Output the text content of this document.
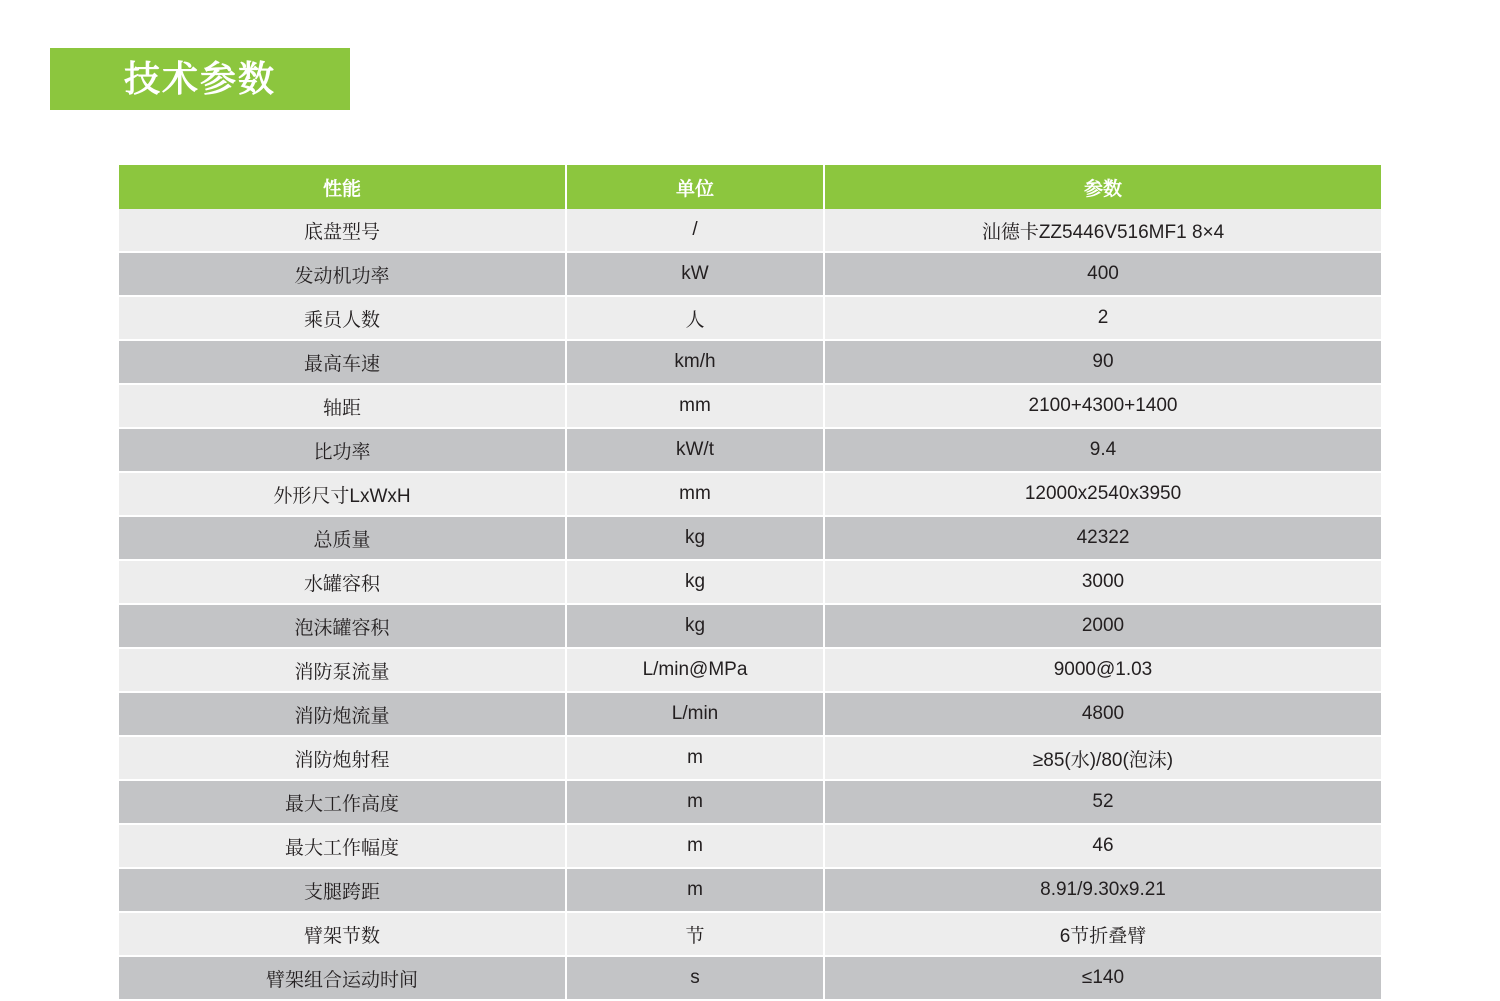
技术参数
性能	单位	参数
底盘型号	/	汕德卡ZZ5446V516MF1 8×4
发动机功率	kW	400
乘员人数	人	2
最高车速	km/h	90
轴距	mm	2100+4300+1400
比功率	kW/t	9.4
外形尺寸LxWxH	mm	12000x2540x3950
总质量	kg	42322
水罐容积	kg	3000
泡沫罐容积	kg	2000
消防泵流量	L/min@MPa	9000@1.03
消防炮流量	L/min	4800
消防炮射程	m	≥85(水)/80(泡沫)
最大工作高度	m	52
最大工作幅度	m	46
支腿跨距	m	8.91/9.30x9.21
臂架节数	节	6节折叠臂
臂架组合运动时间	s	≤140
